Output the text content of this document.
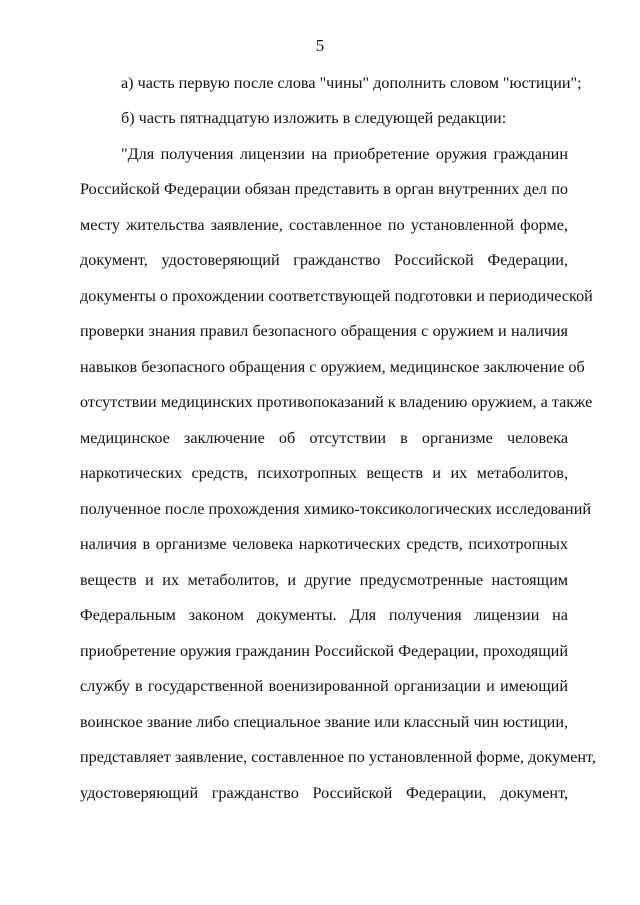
5
а) часть первую после слова "чины" дополнить словом "юстиции";
б) часть пятнадцатую изложить в следующей редакции:
"Для получения лицензии на приобретение оружия гражданин
Российской Федерации обязан представить в орган внутренних дел по
месту жительства заявление, составленное по установленной форме,
документ, удостоверяющий гражданство Российской Федерации,
документы о прохождении соответствующей подготовки и периодической
проверки знания правил безопасного обращения с оружием и наличия
навыков безопасного обращения с оружием, медицинское заключение об
отсутствии медицинских противопоказаний к владению оружием, а также
медицинское заключение об отсутствии в организме человека
наркотических средств, психотропных веществ и их метаболитов,
полученное после прохождения химико-токсикологических исследований
наличия в организме человека наркотических средств, психотропных
веществ и их метаболитов, и другие предусмотренные настоящим
Федеральным законом документы. Для получения лицензии на
приобретение оружия гражданин Российской Федерации, проходящий
службу в государственной военизированной организации и имеющий
воинское звание либо специальное звание или классный чин юстиции,
представляет заявление, составленное по установленной форме, документ,
удостоверяющий гражданство Российской Федерации, документ,
